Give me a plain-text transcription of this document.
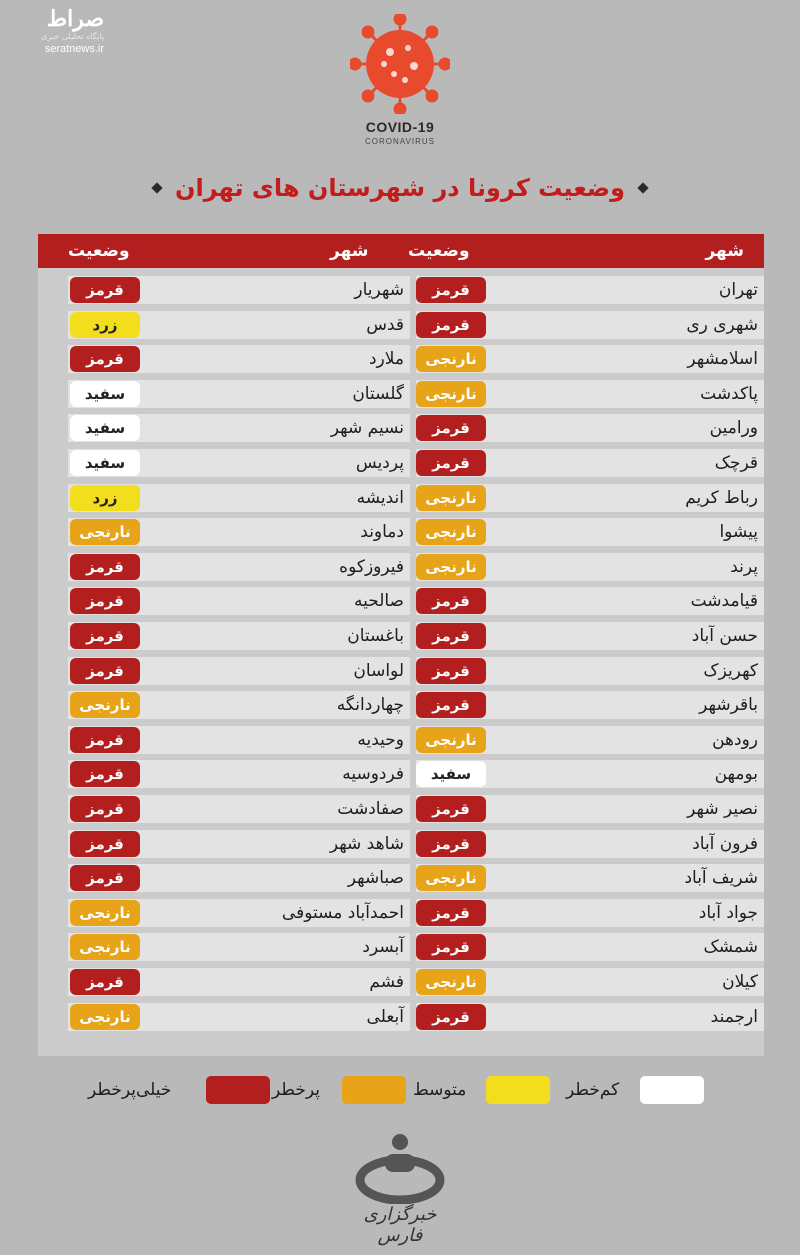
صراط
پایگاه تحلیلی خبری
seratnews.ir
COVID-19
CORONAVIRUS
وضعیت کرونا در شهرستان های تهران
شهر
وضعیت
شهر
وضعیت
تهران
قرمز
شهری ری
قرمز
اسلامشهر
نارنجی
پاکدشت
نارنجی
ورامین
قرمز
قرچک
قرمز
رباط کریم
نارنجی
پیشوا
نارنجی
پرند
نارنجی
قیامدشت
قرمز
حسن آباد
قرمز
کهریزک
قرمز
باقرشهر
قرمز
رودهن
نارنجی
بومهن
سفید
نصیر شهر
قرمز
فرون آباد
قرمز
شریف آباد
نارنجی
جواد آباد
قرمز
شمشک
قرمز
کیلان
نارنجی
ارجمند
قرمز
شهریار
قرمز
قدس
زرد
ملارد
قرمز
گلستان
سفید
نسیم شهر
سفید
پردیس
سفید
اندیشه
زرد
دماوند
نارنجی
فیروزکوه
قرمز
صالحیه
قرمز
باغستان
قرمز
لواسان
قرمز
چهاردانگه
نارنجی
وحیدیه
قرمز
فردوسیه
قرمز
صفادشت
قرمز
شاهد شهر
قرمز
صباشهر
قرمز
احمدآباد مستوفی
نارنجی
آبسرد
نارنجی
فشم
قرمز
آبعلی
نارنجی
کم‌خطر
متوسط
پرخطر
خیلی‌پرخطر
خبرگزاری فارس
